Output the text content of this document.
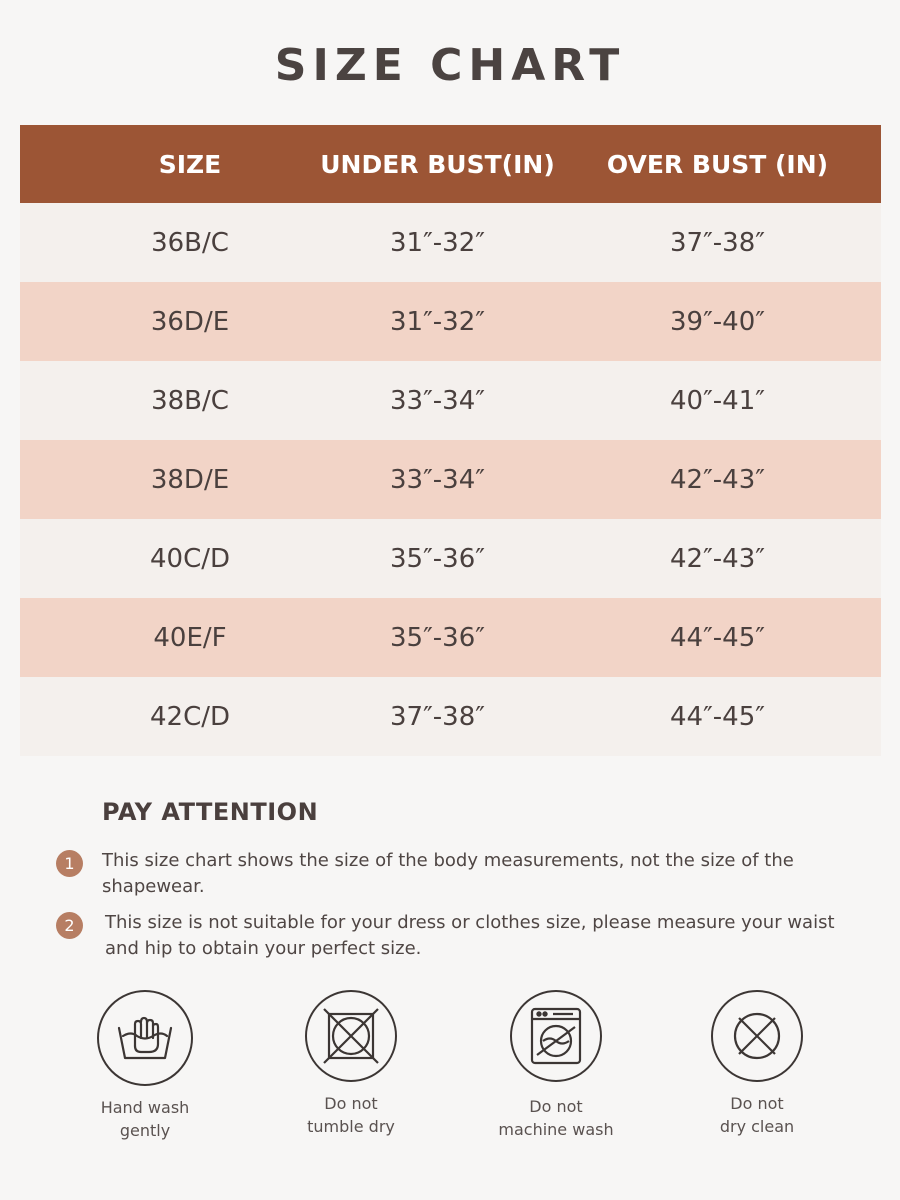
SIZE CHART
SIZE	UNDER BUST(IN)	OVER BUST (IN)
36B/C	31″-32″	37″-38″
36D/E	31″-32″	39″-40″
38B/C	33″-34″	40″-41″
38D/E	33″-34″	42″-43″
40C/D	35″-36″	42″-43″
40E/F	35″-36″	44″-45″
42C/D	37″-38″	44″-45″
PAY ATTENTION
1	This size chart shows the size of the body measurements, not the size of the shapewear.
2	This size is not suitable for your dress or clothes size, please measure your waist and hip to obtain your perfect size.
Hand wash
gently
Do not
tumble dry
Do not
machine wash
Do not
dry clean
